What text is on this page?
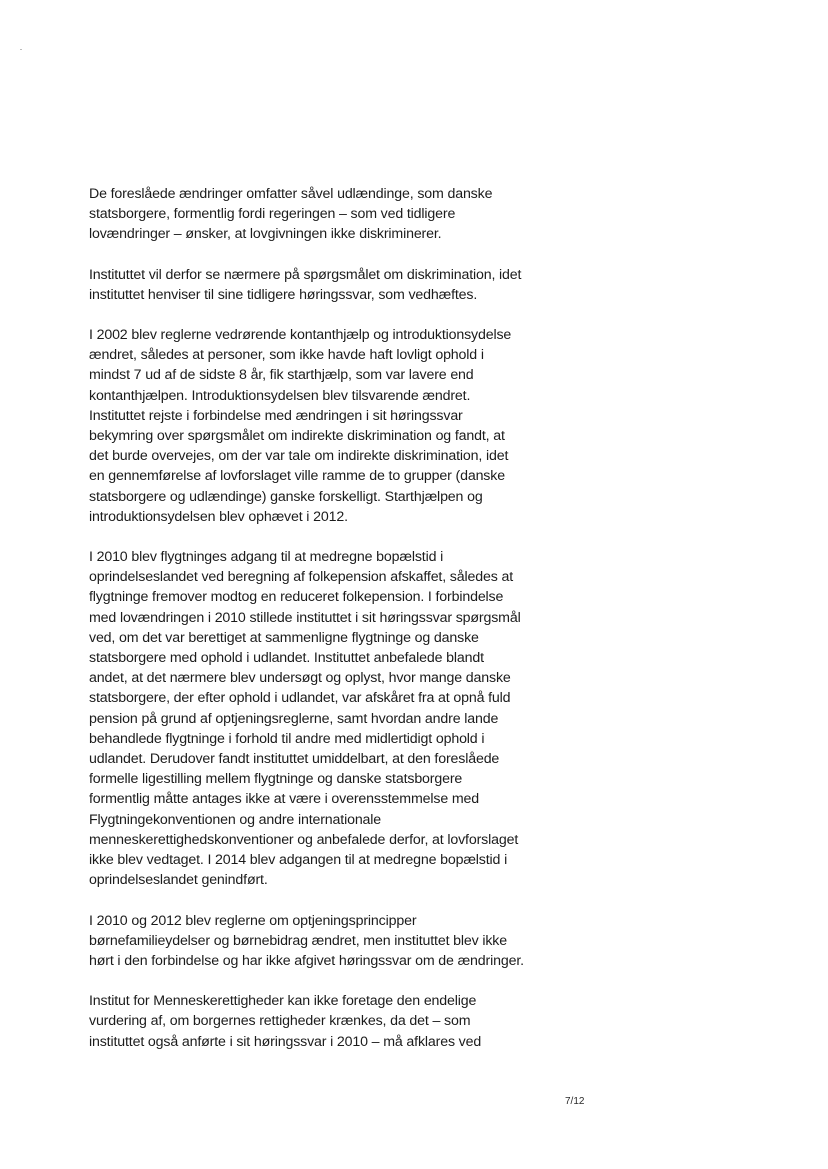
De foreslåede ændringer omfatter såvel udlændinge, som danske
statsborgere, formentlig fordi regeringen – som ved tidligere
lovændringer – ønsker, at lovgivningen ikke diskriminerer.
Instituttet vil derfor se nærmere på spørgsmålet om diskrimination, idet
instituttet henviser til sine tidligere høringssvar, som vedhæftes.
I 2002 blev reglerne vedrørende kontanthjælp og introduktionsydelse
ændret, således at personer, som ikke havde haft lovligt ophold i
mindst 7 ud af de sidste 8 år, fik starthjælp, som var lavere end
kontanthjælpen. Introduktionsydelsen blev tilsvarende ændret.
Instituttet rejste i forbindelse med ændringen i sit høringssvar
bekymring over spørgsmålet om indirekte diskrimination og fandt, at
det burde overvejes, om der var tale om indirekte diskrimination, idet
en gennemførelse af lovforslaget ville ramme de to grupper (danske
statsborgere og udlændinge) ganske forskelligt. Starthjælpen og
introduktionsydelsen blev ophævet i 2012.
I 2010 blev flygtninges adgang til at medregne bopælstid i
oprindelseslandet ved beregning af folkepension afskaffet, således at
flygtninge fremover modtog en reduceret folkepension. I forbindelse
med lovændringen i 2010 stillede instituttet i sit høringssvar spørgsmål
ved, om det var berettiget at sammenligne flygtninge og danske
statsborgere med ophold i udlandet. Instituttet anbefalede blandt
andet, at det nærmere blev undersøgt og oplyst, hvor mange danske
statsborgere, der efter ophold i udlandet, var afskåret fra at opnå fuld
pension på grund af optjeningsreglerne, samt hvordan andre lande
behandlede flygtninge i forhold til andre med midlertidigt ophold i
udlandet. Derudover fandt instituttet umiddelbart, at den foreslåede
formelle ligestilling mellem flygtninge og danske statsborgere
formentlig måtte antages ikke at være i overensstemmelse med
Flygtningekonventionen og andre internationale
menneskerettighedskonventioner og anbefalede derfor, at lovforslaget
ikke blev vedtaget. I 2014 blev adgangen til at medregne bopælstid i
oprindelseslandet genindført.
I 2010 og 2012 blev reglerne om optjeningsprincipper
børnefamilieydelser og børnebidrag ændret, men instituttet blev ikke
hørt i den forbindelse og har ikke afgivet høringssvar om de ændringer.
Institut for Menneskerettigheder kan ikke foretage den endelige
vurdering af, om borgernes rettigheder krænkes, da det – som
instituttet også anførte i sit høringssvar i 2010 – må afklares ved
7/12
